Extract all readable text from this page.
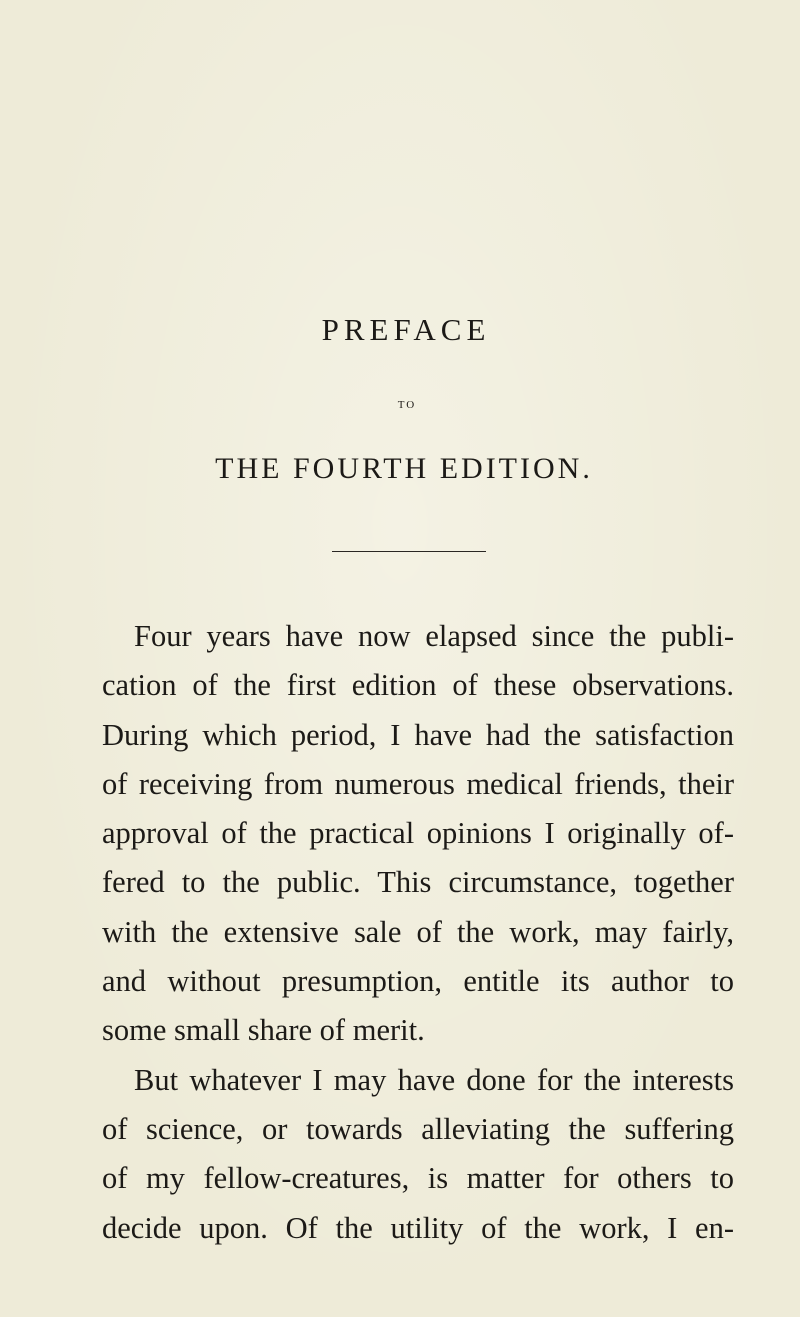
PREFACE
TO
THE FOURTH EDITION.
Four years have now elapsed since the publi-
cation of the first edition of these observations.
During which period, I have had the satisfaction
of receiving from numerous medical friends, their
approval of the practical opinions I originally of-
fered to the public. This circumstance, together
with the extensive sale of the work, may fairly,
and without presumption, entitle its author to
some small share of merit.
But whatever I may have done for the interests
of science, or towards alleviating the suffering
of my fellow-creatures, is matter for others to
decide upon. Of the utility of the work, I en-
